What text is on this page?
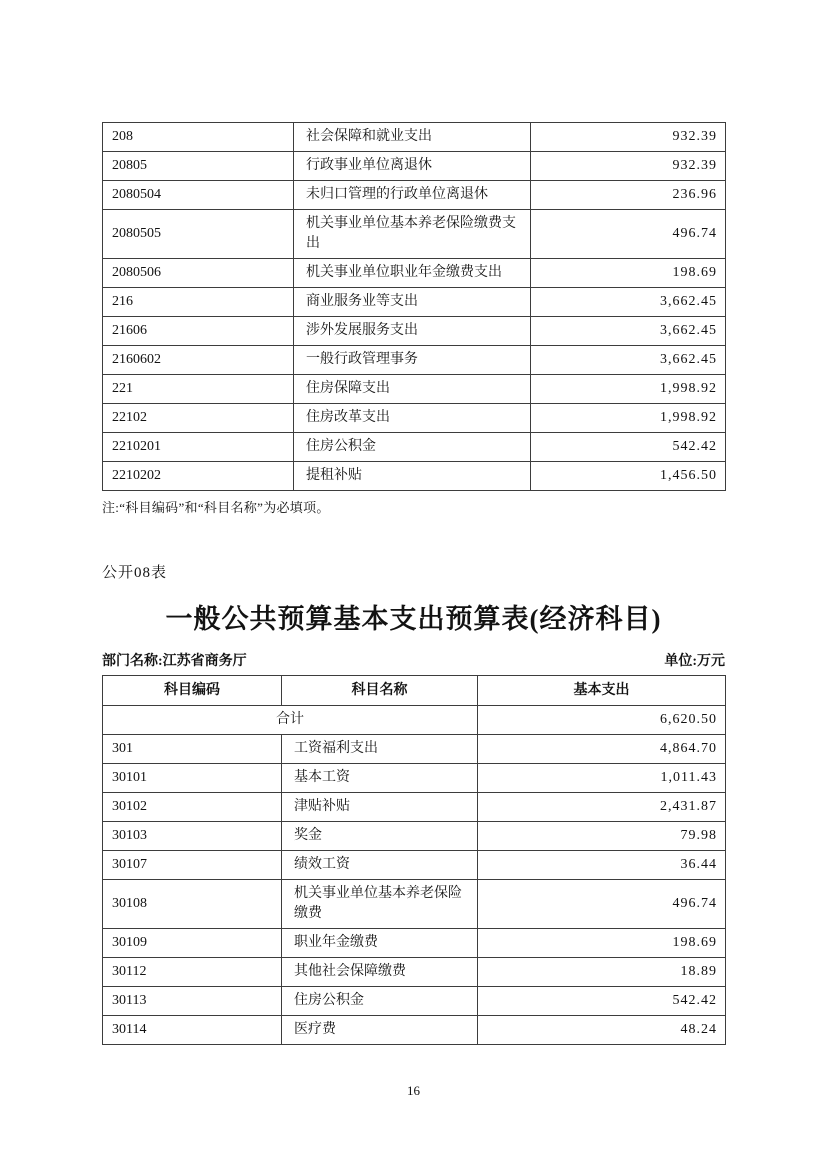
208	社会保障和就业支出	932.39
20805	行政事业单位离退休	932.39
2080504	未归口管理的行政单位离退休	236.96
2080505	机关事业单位基本养老保险缴费支出	496.74
2080506	机关事业单位职业年金缴费支出	198.69
216	商业服务业等支出	3,662.45
21606	涉外发展服务支出	3,662.45
2160602	一般行政管理事务	3,662.45
221	住房保障支出	1,998.92
22102	住房改革支出	1,998.92
2210201	住房公积金	542.42
2210202	提租补贴	1,456.50
注:“科目编码”和“科目名称”为必填项。
公开08表
一般公共预算基本支出预算表(经济科目)
部门名称:江苏省商务厅	单位:万元
科目编码	科目名称	基本支出
合计		6,620.50
301	工资福利支出	4,864.70
30101	基本工资	1,011.43
30102	津贴补贴	2,431.87
30103	奖金	79.98
30107	绩效工资	36.44
30108	机关事业单位基本养老保险缴费	496.74
30109	职业年金缴费	198.69
30112	其他社会保障缴费	18.89
30113	住房公积金	542.42
30114	医疗费	48.24
16
